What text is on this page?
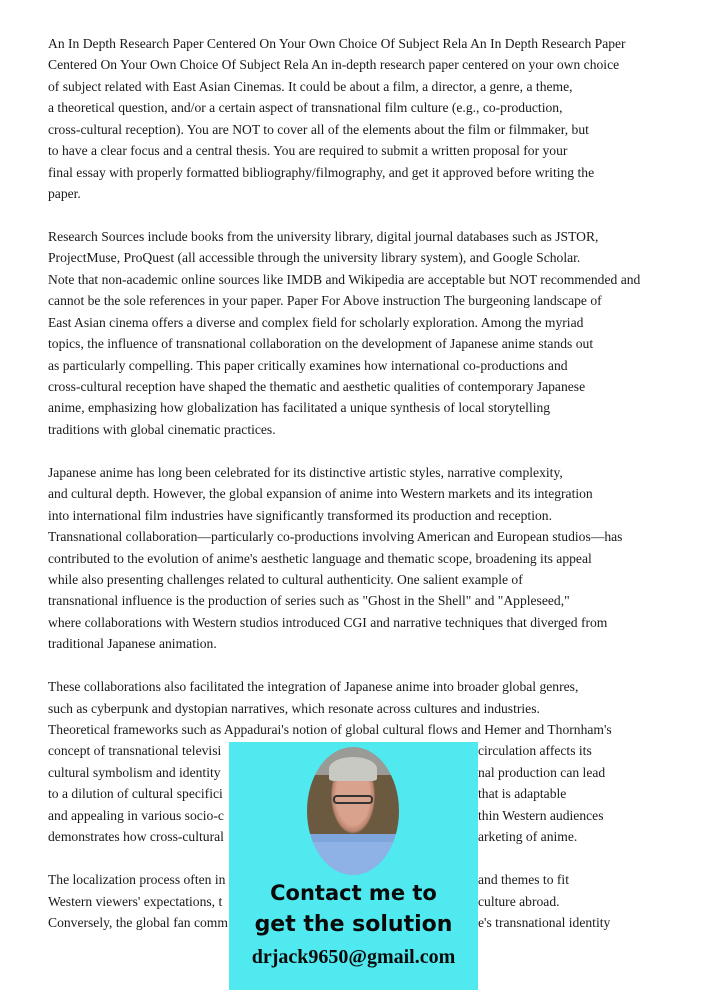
An In Depth Research Paper Centered On Your Own Choice Of Subject Rela An In Depth Research Paper
Centered On Your Own Choice Of Subject Rela An in-depth research paper centered on your own choice
of subject related with East Asian Cinemas. It could be about a film, a director, a genre, a theme,
a theoretical question, and/or a certain aspect of transnational film culture (e.g., co-production,
cross-cultural reception). You are NOT to cover all of the elements about the film or filmmaker, but
to have a clear focus and a central thesis. You are required to submit a written proposal for your
final essay with properly formatted bibliography/filmography, and get it approved before writing the
paper.
Research Sources include books from the university library, digital journal databases such as JSTOR,
ProjectMuse, ProQuest (all accessible through the university library system), and Google Scholar.
Note that non-academic online sources like IMDB and Wikipedia are acceptable but NOT recommended and
cannot be the sole references in your paper. Paper For Above instruction The burgeoning landscape of
East Asian cinema offers a diverse and complex field for scholarly exploration. Among the myriad
topics, the influence of transnational collaboration on the development of Japanese anime stands out
as particularly compelling. This paper critically examines how international co-productions and
cross-cultural reception have shaped the thematic and aesthetic qualities of contemporary Japanese
anime, emphasizing how globalization has facilitated a unique synthesis of local storytelling
traditions with global cinematic practices.
Japanese anime has long been celebrated for its distinctive artistic styles, narrative complexity,
and cultural depth. However, the global expansion of anime into Western markets and its integration
into international film industries have significantly transformed its production and reception.
Transnational collaboration—particularly co-productions involving American and European studios—has
contributed to the evolution of anime's aesthetic language and thematic scope, broadening its appeal
while also presenting challenges related to cultural authenticity. One salient example of
transnational influence is the production of series such as "Ghost in the Shell" and "Appleseed,"
where collaborations with Western studios introduced CGI and narrative techniques that diverged from
traditional Japanese animation.
These collaborations also facilitated the integration of Japanese anime into broader global genres,
such as cyberpunk and dystopian narratives, which resonate across cultures and industries.
Theoretical frameworks such as Appadurai's notion of global cultural flows and Hemer and Thornham's
concept of transnational televisi	circulation affects its
cultural symbolism and identity	nal production can lead
to a dilution of cultural specifici	that is adaptable
and appealing in various socio-c	thin Western audiences
demonstrates how cross-cultural	arketing of anime.
The localization process often in	and themes to fit
Western viewers' expectations, t	culture abroad.
Conversely, the global fan comm	e's transnational identity
Contact me to
get the solution
drjack9650@gmail.com
